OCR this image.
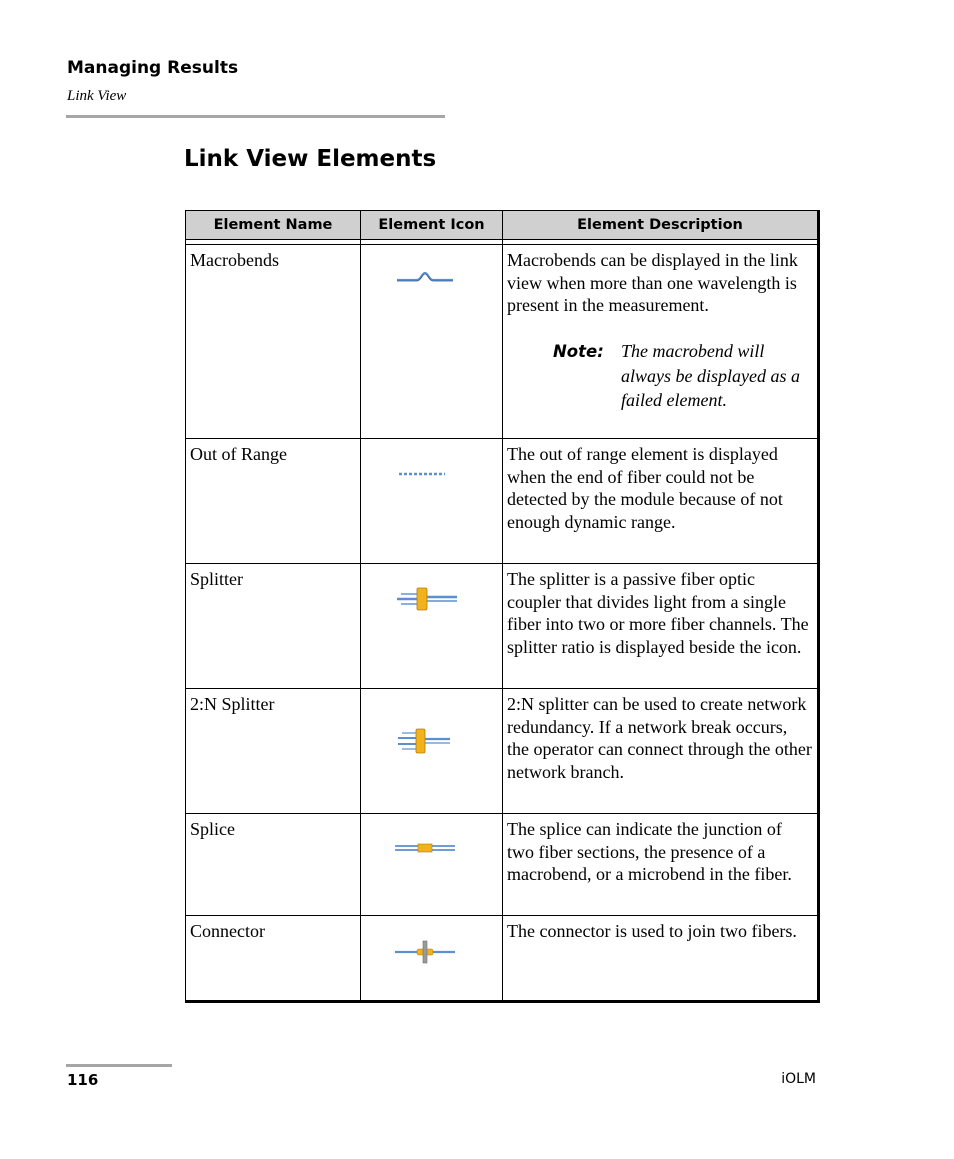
Managing Results
Link View
Link View Elements
Element Name	Element Icon	Element Description

Macrobends		Macrobends can be displayed in the link view when more than one wavelength is present in the measurement.
Note: The macrobend will always be displayed as a failed element.

Out of Range		The out of range element is displayed when the end of fiber could not be detected by the module because of not enough dynamic range.
Splitter		The splitter is a passive fiber optic coupler that divides light from a single fiber into two or more fiber channels. The splitter ratio is displayed beside the icon.
2:N Splitter		2:N splitter can be used to create network redundancy. If a network break occurs, the operator can connect through the other network branch.
Splice		The splice can indicate the junction of two fiber sections, the presence of a macrobend, or a microbend in the fiber.
Connector		The connector is used to join two fibers.
116	iOLM
